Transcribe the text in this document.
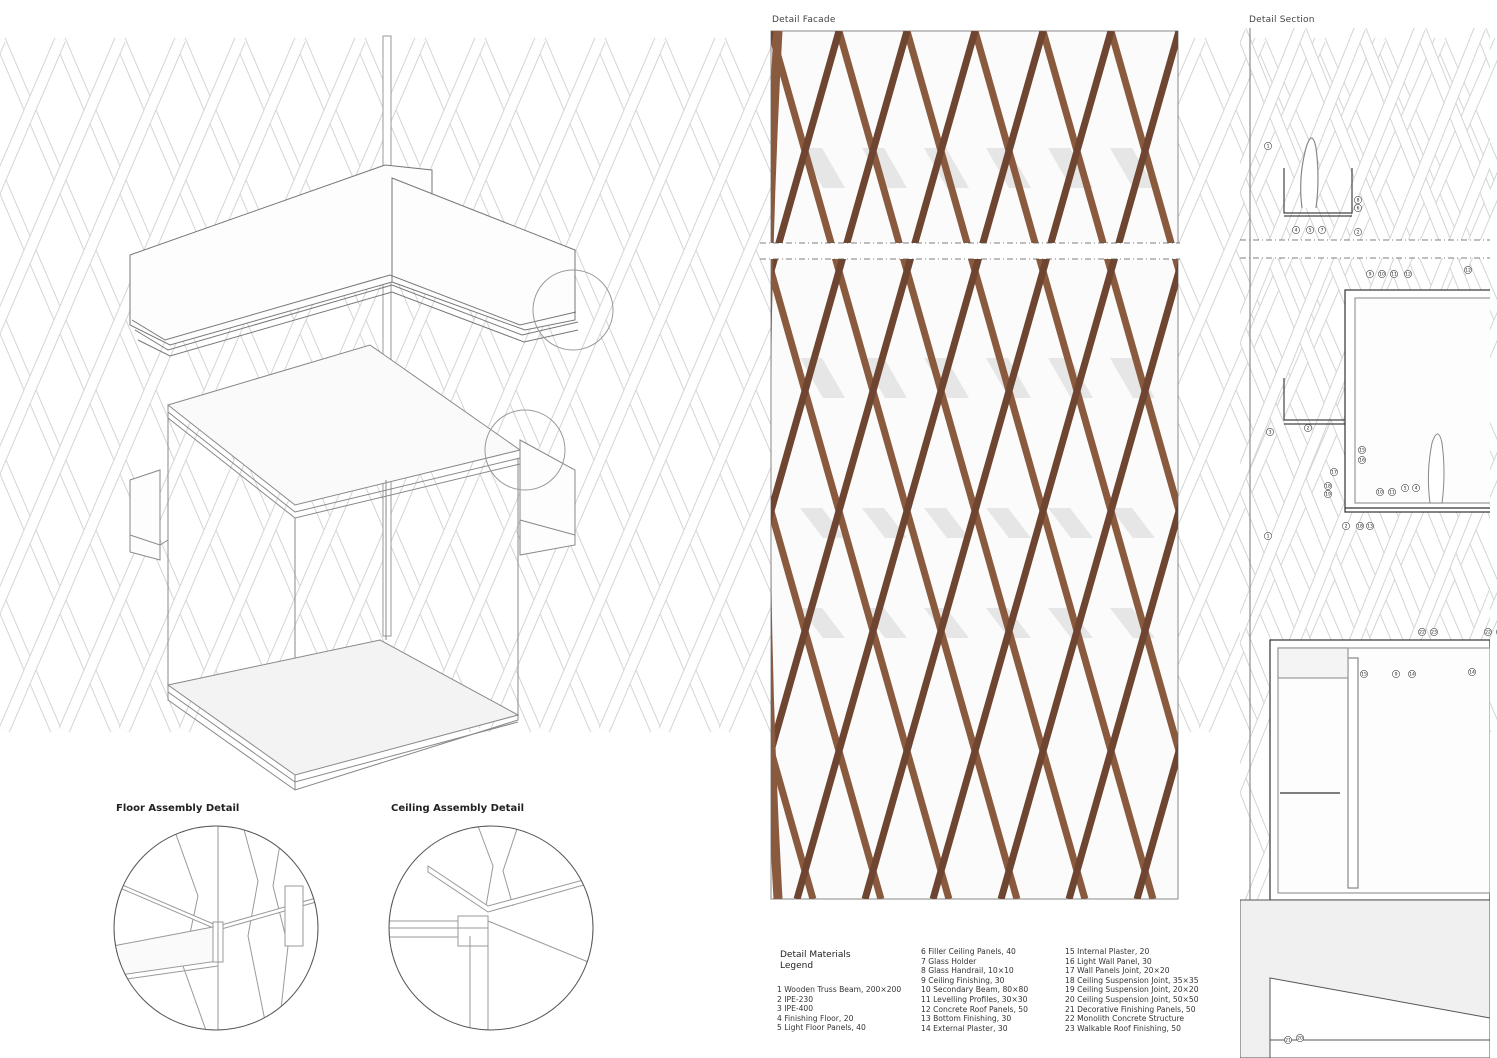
Floor Assembly Detail	Ceiling Assembly Detail
Detail Facade
Detail Materials
Legend
1 Wooden Truss Beam, 200×200
2 IPE-230
3 IPE-400
4 Finishing Floor, 20
5 Light Floor Panels, 40
6 Filler Ceiling Panels, 40
7 Glass Holder
8 Glass Handrail, 10×10
9 Ceiling Finishing, 30
10 Secondary Beam, 80×80
11 Levelling Profiles, 30×30
12 Concrete Roof Panels, 50
13 Bottom Finishing, 30
14 External Plaster, 30
15 Internal Plaster, 20
16 Light Wall Panel, 30
17 Wall Panels Joint, 20×20
18 Ceiling Suspension Joint, 35×35
19 Ceiling Suspension Joint, 20×20
20 Ceiling Suspension Joint, 50×50
21 Decorative Finishing Panels, 50
22 Monolith Concrete Structure
23 Walkable Roof Finishing, 50
Detail Section
1
8
6
5
4	7	2
9 10 11 12
12
3
2
15
16
17
18
19	10 11
5 4
2 18 13
1
22 23	22
15	9	14	14
21 20
